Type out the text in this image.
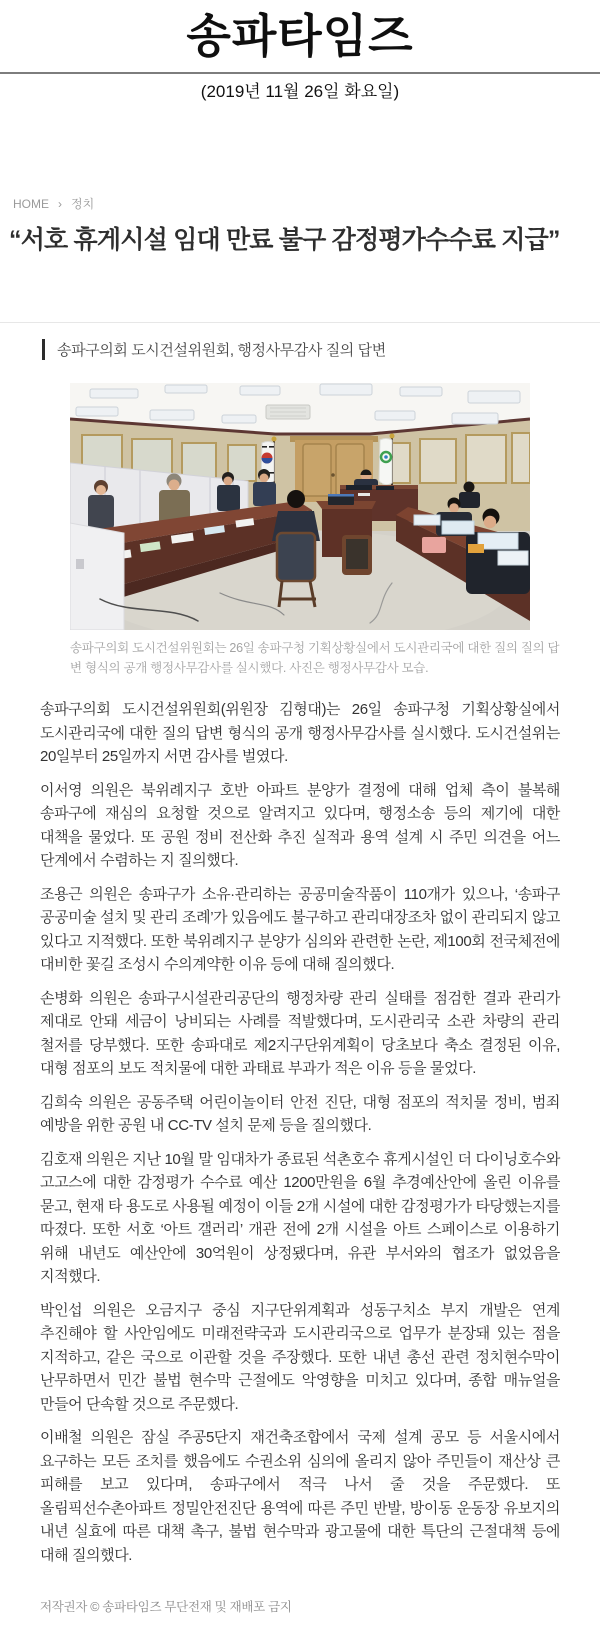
송파타임즈
(2019년 11월 26일 화요일)
HOME › 정치
“서호 휴게시설 임대 만료 불구 감정평가수수료 지급”
송파구의회 도시건설위원회, 행정사무감사 질의 답변
송파구의회 도시건설위원회는 26일 송파구청 기획상황실에서 도시관리국에 대한 질의 질의 답변 형식의 공개 행정사무감사를 실시했다. 사진은 행정사무감사 모습.

송파구의회 도시건설위원회(위원장 김형대)는 26일 송파구청 기획상황실에서 도시관리국에 대한 질의 답변 형식의 공개 행정사무감사를 실시했다. 도시건설위는 20일부터 25일까지 서면 감사를 벌였다.

이서영 의원은 북위례지구 호반 아파트 분양가 결정에 대해 업체 측이 불복해 송파구에 재심의 요청할 것으로 알려지고 있다며, 행정소송 등의 제기에 대한 대책을 물었다. 또 공원 정비 전산화 추진 실적과 용역 설계 시 주민 의견을 어느 단계에서 수렴하는 지 질의했다.

조용근 의원은 송파구가 소유·관리하는 공공미술작품이 110개가 있으나, ‘송파구 공공미술 설치 및 관리 조례’가 있음에도 불구하고 관리대장조차 없이 관리되지 않고 있다고 지적했다. 또한 북위례지구 분양가 심의와 관련한 논란, 제100회 전국체전에 대비한 꽃길 조성시 수의계약한 이유 등에 대해 질의했다.

손병화 의원은 송파구시설관리공단의 행정차량 관리 실태를 점검한 결과 관리가 제대로 안돼 세금이 낭비되는 사례를 적발했다며, 도시관리국 소관 차량의 관리 철저를 당부했다. 또한 송파대로 제2지구단위계획이 당초보다 축소 결정된 이유, 대형 점포의 보도 적치물에 대한 과태료 부과가 적은 이유 등을 물었다.

김희숙 의원은 공동주택 어린이놀이터 안전 진단, 대형 점포의 적치물 정비, 범죄 예방을 위한 공원 내 CC-TV 설치 문제 등을 질의했다.

김호재 의원은 지난 10월 말 임대차가 종료된 석촌호수 휴게시설인 더 다이닝호수와 고고스에 대한 감정평가 수수료 예산 1200만원을 6월 추경예산안에 올린 이유를 묻고, 현재 타 용도로 사용될 예정이 이들 2개 시설에 대한 감정평가가 타당했는지를 따졌다. 또한 서호 ‘아트 갤러리’ 개관 전에 2개 시설을 아트 스페이스로 이용하기 위해 내년도 예산안에 30억원이 상정됐다며, 유관 부서와의 협조가 없었음을 지적했다.

박인섭 의원은 오금지구 중심 지구단위계획과 성동구치소 부지 개발은 연계 추진해야 할 사안임에도 미래전략국과 도시관리국으로 업무가 분장돼 있는 점을 지적하고, 같은 국으로 이관할 것을 주장했다. 또한 내년 총선 관련 정치현수막이 난무하면서 민간 불법 현수막 근절에도 악영향을 미치고 있다며, 종합 매뉴얼을 만들어 단속할 것으로 주문했다.

이배철 의원은 잠실 주공5단지 재건축조합에서 국제 설계 공모 등 서울시에서 요구하는 모든 조치를 했음에도 수권소위 심의에 올리지 않아 주민들이 재산상 큰 피해를 보고 있다며, 송파구에서 적극 나서 줄 것을 주문했다. 또 올림픽선수촌아파트 정밀안전진단 용역에 따른 주민 반발, 방이동 운동장 유보지의 내년 실효에 따른 대책 촉구, 불법 현수막과 광고물에 대한 특단의 근절대책 등에 대해 질의했다.

저작권자 © 송파타임즈 무단전재 및 재배포 금지
